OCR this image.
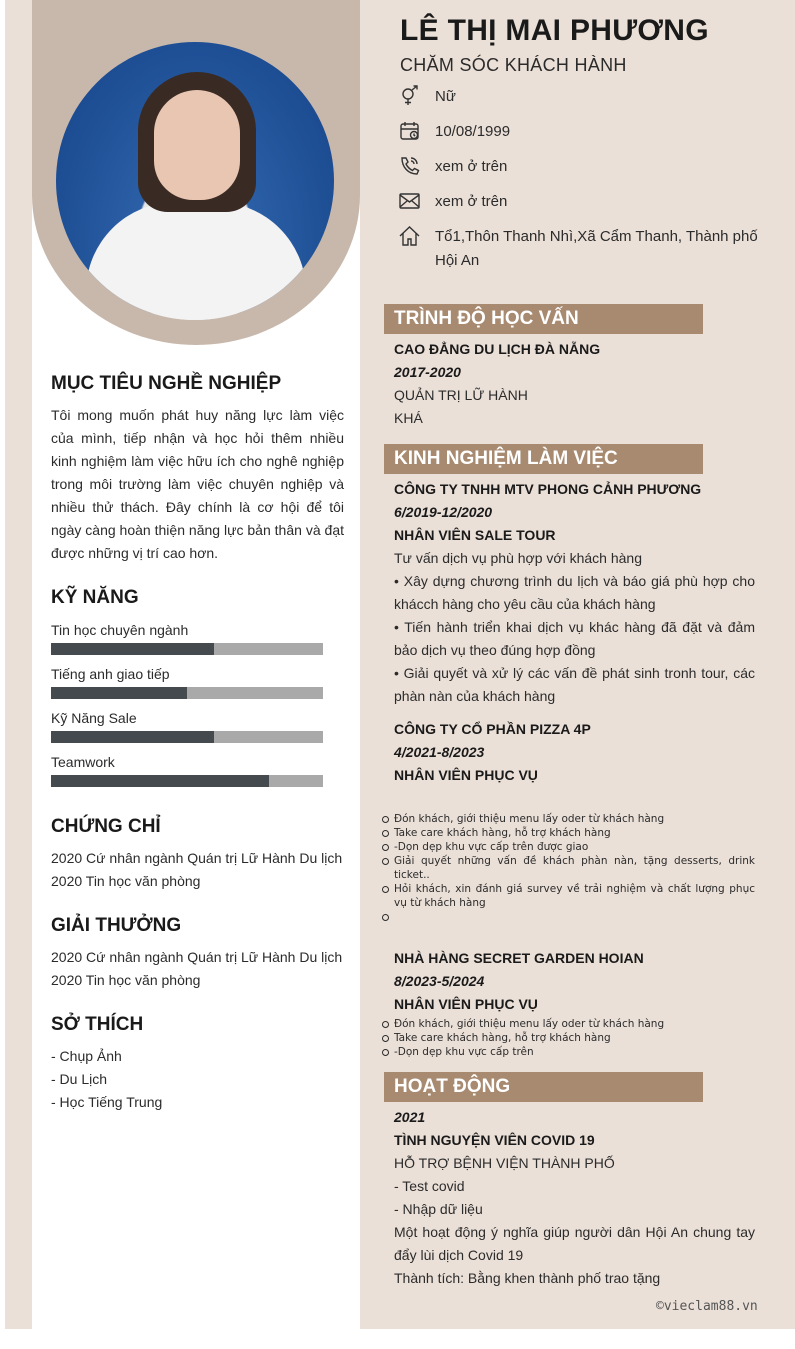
MỤC TIÊU NGHỀ NGHIỆP
Tôi mong muốn phát huy năng lực làm việc của mình, tiếp nhận và học hỏi thêm nhiều kinh nghiệm làm việc hữu ích cho nghê nghiệp trong môi trường làm việc chuyên nghiệp và nhiều thử thách. Đây chính là cơ hội để tôi ngày càng hoàn thiện năng lực bản thân và đạt được những vị trí cao hơn.
KỸ NĂNG
Tin học chuyên ngành
Tiếng anh giao tiếp
Kỹ Năng Sale
Teamwork
CHỨNG CHỈ
2020 Cứ nhân ngành Quán trị Lữ Hành Du lịch
2020 Tin học văn phòng
GIẢI THƯỞNG
2020 Cứ nhân ngành Quán trị Lữ Hành Du lịch
2020 Tin học văn phòng
SỞ THÍCH
- Chụp Ảnh
- Du Lịch
- Học Tiếng Trung
LÊ THỊ MAI PHƯƠNG
CHĂM SÓC KHÁCH HÀNH
Nữ
10/08/1999
xem ở trên
xem ở trên
Tổ1,Thôn Thanh Nhì,Xã Cẩm Thanh, Thành phố Hội An
TRÌNH ĐỘ HỌC VẤN
CAO ĐẲNG DU LỊCH ĐÀ NẴNG
2017-2020
QUẢN TRỊ LỮ HÀNH
KHÁ
KINH NGHIỆM LÀM VIỆC
CÔNG TY TNHH MTV PHONG CẢNH PHƯƠNG
6/2019-12/2020
NHÂN VIÊN SALE TOUR
Tư vấn dịch vụ phù hợp với khách hàng
• Xây dựng chương trình du lịch và báo giá phù hợp cho khácch hàng cho yêu cầu của khách hàng
• Tiến hành triển khai dịch vụ khác hàng đã đặt và đảm bảo dịch vụ theo đúng hợp đồng
• Giải quyết và xử lý các vấn đề phát sinh tronh tour, các phàn nàn của khách hàng
CÔNG TY CỔ PHẦN PIZZA 4P
4/2021-8/2023
NHÂN VIÊN PHỤC VỤ
Đón khách, giới thiệu menu lấy oder từ khách hàng
Take care khách hàng, hỗ trợ khách hàng
-Dọn dẹp khu vực cấp trên được giao
Giải quyết những vấn đề khách phàn nàn, tặng desserts, drink ticket..
Hỏi khách, xin đánh giá survey về trải nghiệm và chất lượng phục vụ từ khách hàng
NHÀ HÀNG SECRET GARDEN HOIAN
8/2023-5/2024
NHÂN VIÊN PHỤC VỤ
Đón khách, giới thiệu menu lấy oder từ khách hàng
Take care khách hàng, hỗ trợ khách hàng
-Dọn dẹp khu vực cấp trên
HOẠT ĐỘNG
2021
TÌNH NGUYỆN VIÊN COVID 19
HỖ TRỢ BỆNH VIỆN THÀNH PHỐ
- Test covid
- Nhập dữ liệu
Một hoạt động ý nghĩa giúp người dân Hội An chung tay đẩy lùi dịch Covid 19
Thành tích: Bằng khen thành phố trao tặng
©vieclam88.vn
